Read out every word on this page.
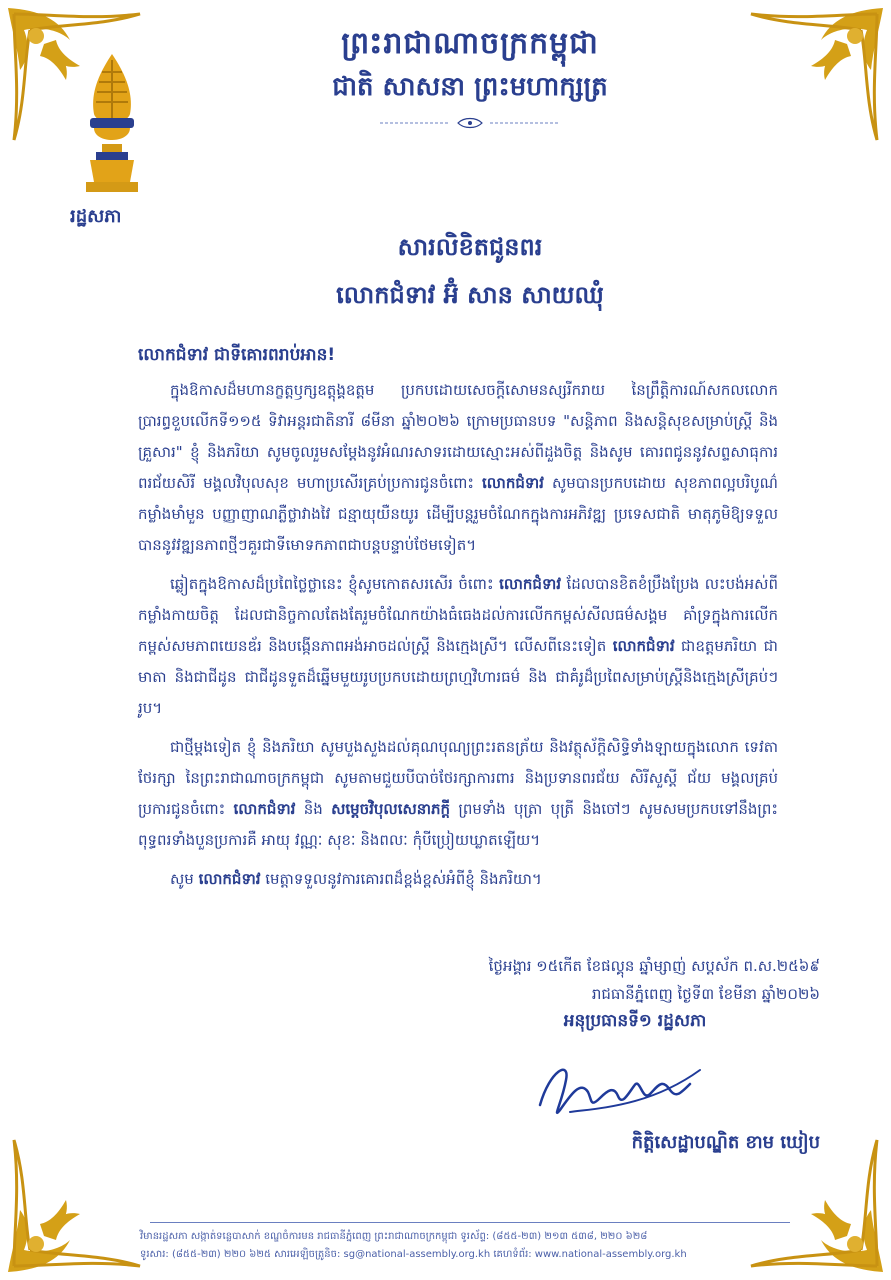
រដ្ឋសភា
ព្រះរាជាណាចក្រកម្ពុជា
ជាតិ សាសនា ព្រះមហាក្សត្រ
សារលិខិតជូនពរ
លោកជំទាវ អ៊ំ សាន សាយឈុំ

លោកជំទាវ ជាទីគោរពរាប់អាន!

ក្នុងឱកាសដ៏មហានក្ខត្តឫក្សឧត្តុង្គឧត្តម ប្រកបដោយសេចក្តីសោមនស្សរីករាយ នៃព្រឹត្តិការណ៍សកលលោក ប្រារព្ធខួបលើកទី១១៥ ទិវាអន្តរជាតិនារី ៨មីនា ឆ្នាំ២០២៦ ក្រោមប្រធានបទ "សន្តិភាព និងសន្តិសុខសម្រាប់ស្ត្រី និងគ្រួសារ" ខ្ញុំ និងភរិយា សូមចូលរួមសម្តែងនូវអំណរសាទរដោយស្មោះអស់ពីដួងចិត្ត និងសូម គោរពជូននូវសព្ទសាធុការពរជ័យសិរី មង្គលវិបុលសុខ មហាប្រសើរគ្រប់ប្រការជូនចំពោះ លោកជំទាវ សូមបានប្រកបដោយ សុខភាពល្អបរិបូណ៌ កម្លាំងមាំមួន បញ្ញាញាណភ្លឺថ្លាវាងវៃ ជន្មាយុយឺនយូរ ដើម្បីបន្តរួមចំណែកក្នុងការអភិវឌ្ឍ ប្រទេសជាតិ មាតុភូមិឱ្យទទួលបាននូវវឌ្ឍនភាពថ្មីៗគួរជាទីមោទកភាពជាបន្តបន្ទាប់ថែមទៀត។

ឆ្លៀតក្នុងឱកាសដ៏ប្រពៃថ្លៃថ្លានេះ ខ្ញុំសូមកោតសរសើរ ចំពោះ លោកជំទាវ ដែលបានខិតខំប្រឹងប្រែង លះបង់អស់ពីកម្លាំងកាយចិត្ត ដែលជានិច្ចកាលតែងតែរួមចំណែកយ៉ាងធំធេងដល់ការលើកកម្ពស់សីលធម៌សង្គម គាំទ្រក្នុងការលើកកម្ពស់សមភាពយេនឌ័រ និងបង្កើនភាពអង់អាចដល់ស្ត្រី និងក្មេងស្រី។ លើសពីនេះទៀត លោកជំទាវ ជាឧត្តមភរិយា ជាមាតា និងជាជីដូន ជាជីដូនទួតដ៏ឆ្នើមមួយរូបប្រកបដោយព្រហ្មវិហារធម៌ និង ជាគំរូដ៏ប្រពៃសម្រាប់ស្ត្រីនិងក្មេងស្រីគ្រប់ៗរូប។

ជាថ្មីម្តងទៀត ខ្ញុំ និងភរិយា សូមបួងសួងដល់គុណបុណ្យព្រះរតនត្រ័យ និងវត្ថុស័ក្តិសិទ្ធិទាំងឡាយក្នុងលោក ទេវតាថែរក្សា នៃព្រះរាជាណាចក្រកម្ពុជា សូមតាមជួយបីបាច់ថែរក្សាការពារ និងប្រទានពរជ័យ សិរីសួស្តី ជ័យ មង្គលគ្រប់ប្រការជូនចំពោះ លោកជំទាវ និង សម្តេចវិបុលសេនាភក្តី ព្រមទាំង បុត្រា បុត្រី និងចៅៗ សូមសមប្រកបទៅនឹងព្រះពុទ្ធពរទាំងបួនប្រការគឺ អាយុ វណ្ណៈ សុខៈ និងពលៈ កុំបីប្រៀយឃ្លាតឡើយ។

សូម លោកជំទាវ មេត្តាទទួលនូវការគោរពដ៏ខ្ពង់ខ្ពស់អំពីខ្ញុំ និងភរិយា។

ថ្ងៃអង្គារ ១៥កើត ខែផល្គុន ឆ្នាំម្សាញ់ សប្តស័ក ព.ស.២៥៦៩
រាជធានីភ្នំពេញ ថ្ងៃទី៣ ខែមីនា ឆ្នាំ២០២៦
អនុប្រធានទី១ រដ្ឋសភា
កិត្តិសេដ្ឋាបណ្ឌិត ខាម ឃៀប
វិមានរដ្ឋសភា សង្កាត់ទន្លេបាសាក់ ខណ្ឌចំការមន រាជធានីភ្នំពេញ ព្រះរាជាណាចក្រកម្ពុជា ទូរស័ព្ទ: (៨៥៥-២៣) ២១៣ ៥៣៨, ២២០ ៦២៨
ទូរសារ: (៨៥៥-២៣) ២២០ ៦២៥ សារអេឡិចត្រូនិច: sg@national-assembly.org.kh គេហទំព័រ: www.national-assembly.org.kh
